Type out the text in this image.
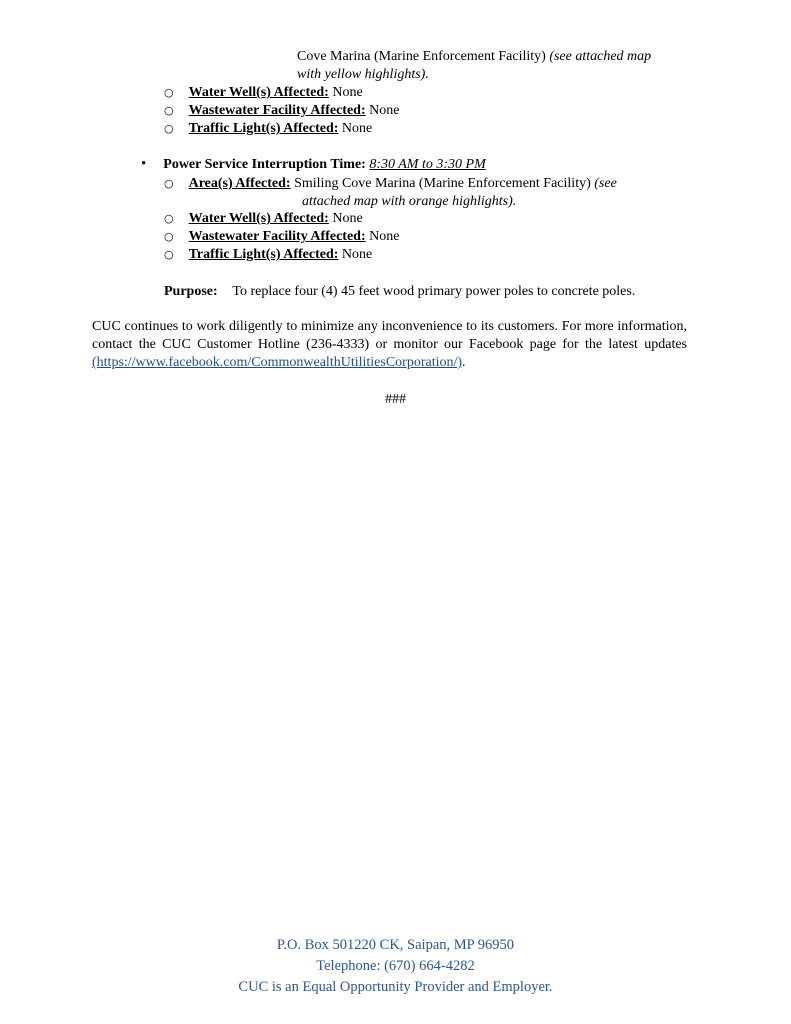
Cove Marina (Marine Enforcement Facility) (see attached map
with yellow highlights).
○ Water Well(s) Affected: None
○ Wastewater Facility Affected: None
○ Traffic Light(s) Affected: None
• Power Service Interruption Time: 8:30 AM to 3:30 PM
○ Area(s) Affected: Smiling Cove Marina (Marine Enforcement Facility) (see
attached map with orange highlights).
○ Water Well(s) Affected: None
○ Wastewater Facility Affected: None
○ Traffic Light(s) Affected: None
Purpose: To replace four (4) 45 feet wood primary power poles to concrete poles.
CUC continues to work diligently to minimize any inconvenience to its customers. For more information, contact the CUC Customer Hotline (236-4333) or monitor our Facebook page for the latest updates (https://www.facebook.com/CommonwealthUtilitiesCorporation/).
###
P.O. Box 501220 CK, Saipan, MP 96950
Telephone: (670) 664-4282
CUC is an Equal Opportunity Provider and Employer.
